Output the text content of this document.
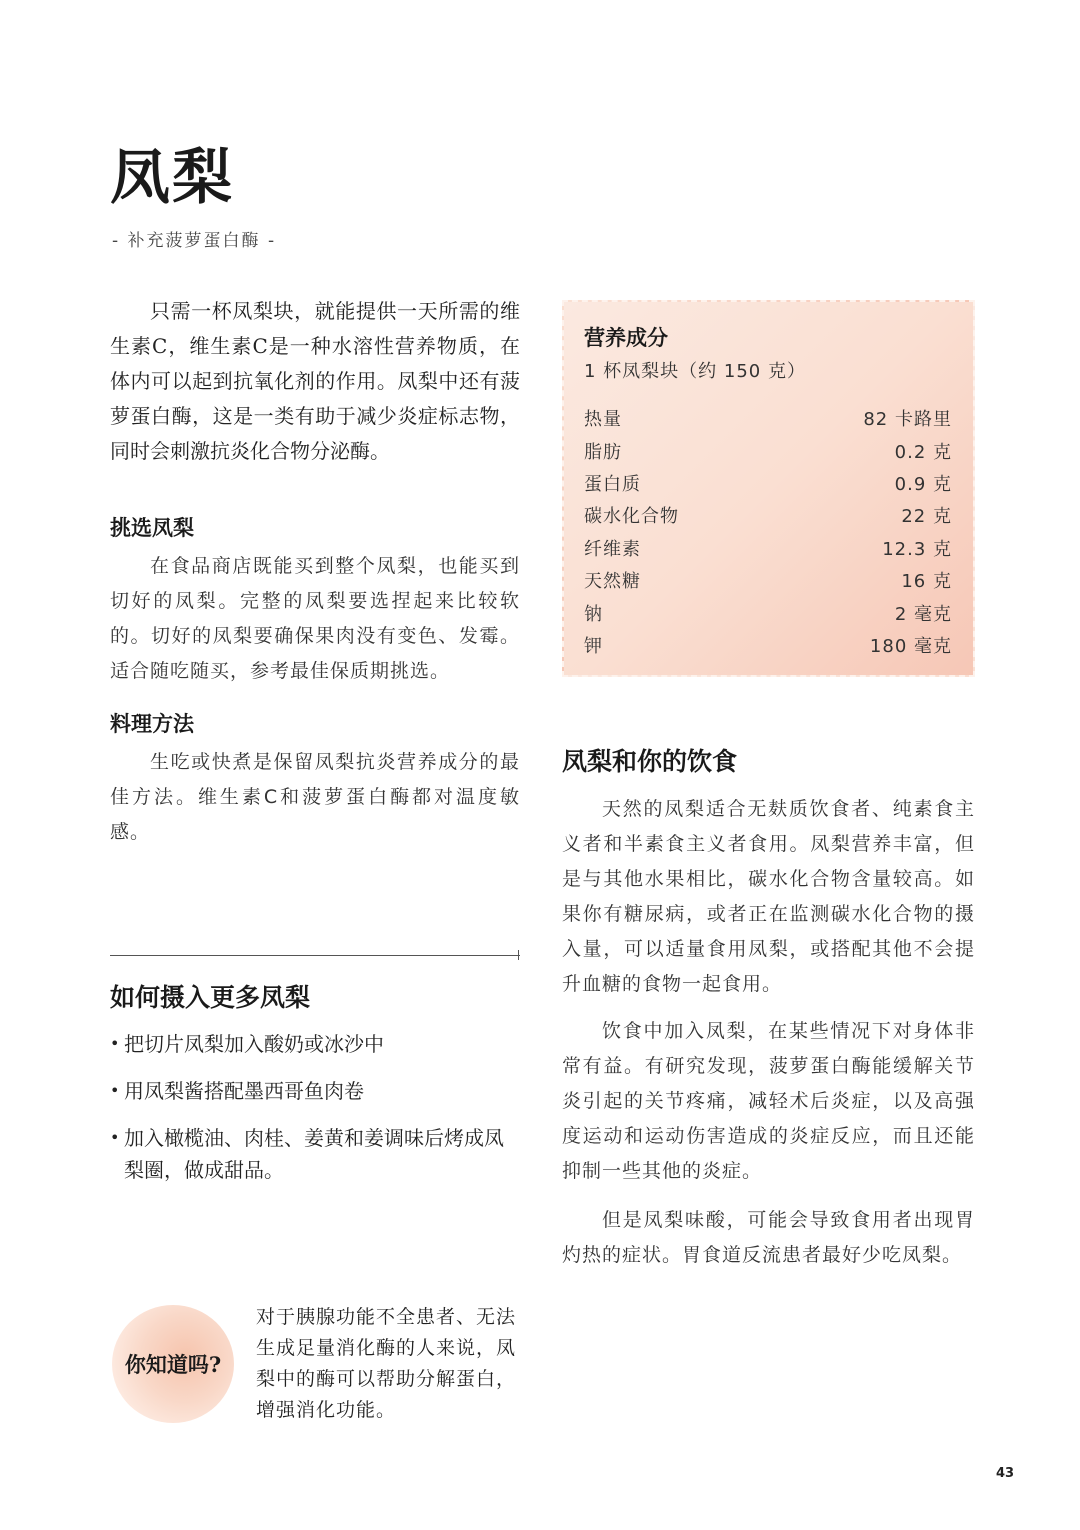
凤梨
- 补充菠萝蛋白酶 -

只需一杯凤梨块，就能提供一天所需的维生素C，维生素C是一种水溶性营养物质，在体内可以起到抗氧化剂的作用。凤梨中还有菠萝蛋白酶，这是一类有助于减少炎症标志物，同时会刺激抗炎化合物分泌酶。

挑选凤梨

在食品商店既能买到整个凤梨，也能买到切好的凤梨。完整的凤梨要选捏起来比较软的。切好的凤梨要确保果肉没有变色、发霉。适合随吃随买，参考最佳保质期挑选。

料理方法

生吃或快煮是保留凤梨抗炎营养成分的最佳方法。维生素C和菠萝蛋白酶都对温度敏感。

如何摄入更多凤梨
• 把切片凤梨加入酸奶或冰沙中
• 用凤梨酱搭配墨西哥鱼肉卷
• 加入橄榄油、肉桂、姜黄和姜调味后烤成凤梨圈，做成甜品。
你知道吗?

对于胰腺功能不全患者、无法生成足量消化酶的人来说，凤梨中的酶可以帮助分解蛋白，增强消化功能。

营养成分
1 杯凤梨块（约 150 克）
热量	82 卡路里
脂肪	0.2 克
蛋白质	0.9 克
碳水化合物	22 克
纤维素	12.3 克
天然糖	16 克
钠	2 毫克
钾	180 毫克
凤梨和你的饮食

天然的凤梨适合无麸质饮食者、纯素食主义者和半素食主义者食用。凤梨营养丰富，但是与其他水果相比，碳水化合物含量较高。如果你有糖尿病，或者正在监测碳水化合物的摄入量，可以适量食用凤梨，或搭配其他不会提升血糖的食物一起食用。

饮食中加入凤梨，在某些情况下对身体非常有益。有研究发现，菠萝蛋白酶能缓解关节炎引起的关节疼痛，减轻术后炎症，以及高强度运动和运动伤害造成的炎症反应，而且还能抑制一些其他的炎症。

但是凤梨味酸，可能会导致食用者出现胃灼热的症状。胃食道反流患者最好少吃凤梨。

43
